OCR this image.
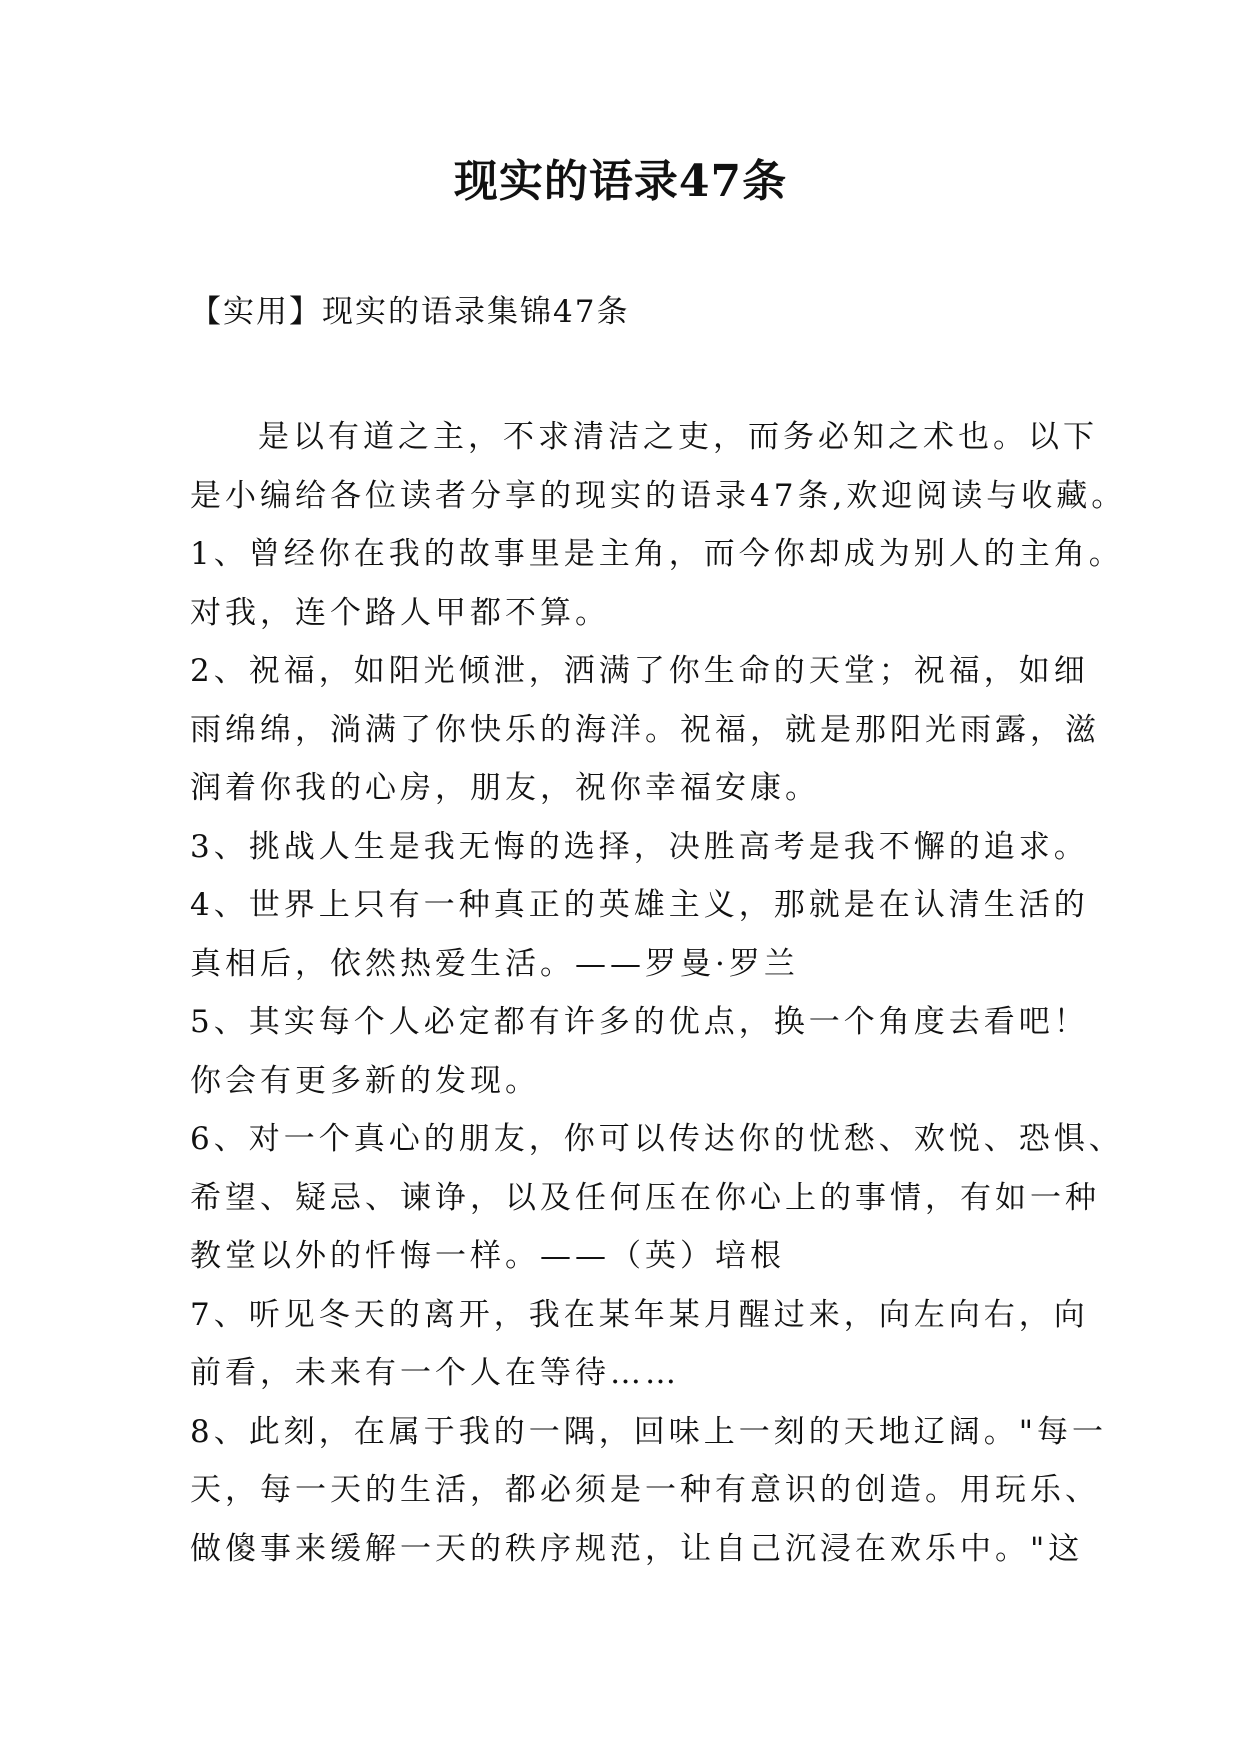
现实的语录47条
【实用】现实的语录集锦47条
是以有道之主，不求清洁之吏，而务必知之术也。以下
是小编给各位读者分享的现实的语录47条,欢迎阅读与收藏。
1、曾经你在我的故事里是主角，而今你却成为别人的主角。
对我，连个路人甲都不算。
2、祝福，如阳光倾泄，洒满了你生命的天堂；祝福，如细
雨绵绵，淌满了你快乐的海洋。祝福，就是那阳光雨露，滋
润着你我的心房，朋友，祝你幸福安康。
3、挑战人生是我无悔的选择，决胜高考是我不懈的追求。
4、世界上只有一种真正的英雄主义，那就是在认清生活的
真相后，依然热爱生活。——罗曼·罗兰
5、其实每个人必定都有许多的优点，换一个角度去看吧！
你会有更多新的发现。
6、对一个真心的朋友，你可以传达你的忧愁、欢悦、恐惧、
希望、疑忌、谏诤，以及任何压在你心上的事情，有如一种
教堂以外的忏悔一样。——（英）培根
7、听见冬天的离开，我在某年某月醒过来，向左向右，向
前看，未来有一个人在等待……
8、此刻，在属于我的一隅，回味上一刻的天地辽阔。"每一
天，每一天的生活，都必须是一种有意识的创造。用玩乐、
做傻事来缓解一天的秩序规范，让自己沉浸在欢乐中。"这
